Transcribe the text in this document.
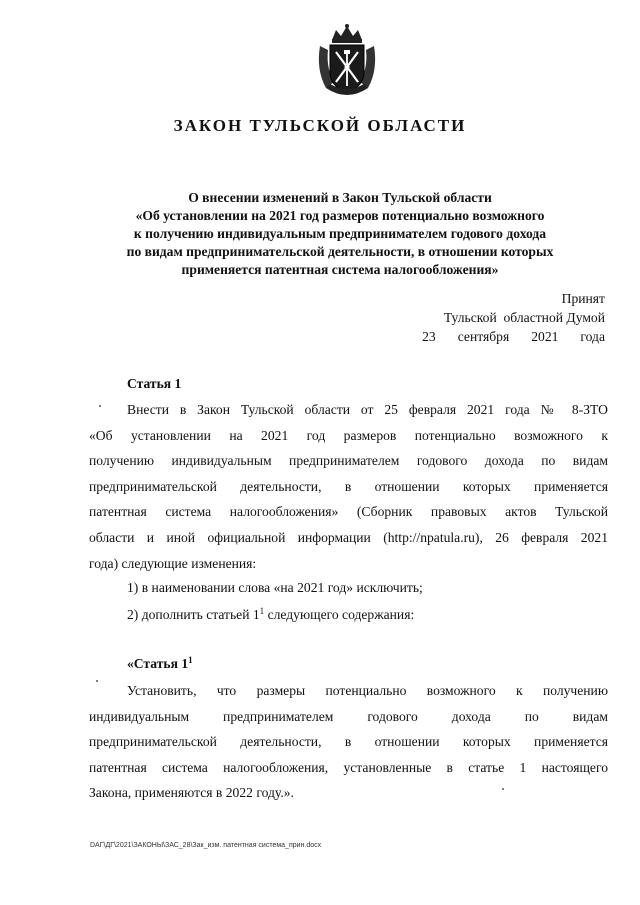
ЗАКОН ТУЛЬСКОЙ ОБЛАСТИ
О внесении изменений в Закон Тульской области
«Об установлении на 2021 год размеров потенциально возможного
к получению индивидуальным предпринимателем годового дохода
по видам предпринимательской деятельности, в отношении которых
применяется патентная система налогообложения»
Принят
Тульской  областной Думой
23 сентября 2021 года
Статья 1
Внести в Закон Тульской области от 25 февраля 2021 года № 8-ЗТО
«Об установлении на 2021 год размеров потенциально возможного к
получению индивидуальным предпринимателем годового дохода по видам
предпринимательской деятельности, в отношении которых применяется
патентная система налогообложения» (Сборник правовых актов Тульской
области и иной официальной информации (http://npatula.ru), 26 февраля 2021
года) следующие изменения:
1) в наименовании слова «на 2021 год» исключить;
2) дополнить статьей $1^1$ следующего содержания:
«Статья $1^1$
Установить, что размеры потенциально возможного к получению
индивидуальным предпринимателем годового дохода по видам
предпринимательской деятельности, в отношении которых применяется
патентная система налогообложения, установленные в статье 1 настоящего
Закона, применяются в 2022 году.».
DAГ\ДГ\2021\ЗАКОНЫ\ЗАС_28\Зак_изм. патентная система_прин.docx
